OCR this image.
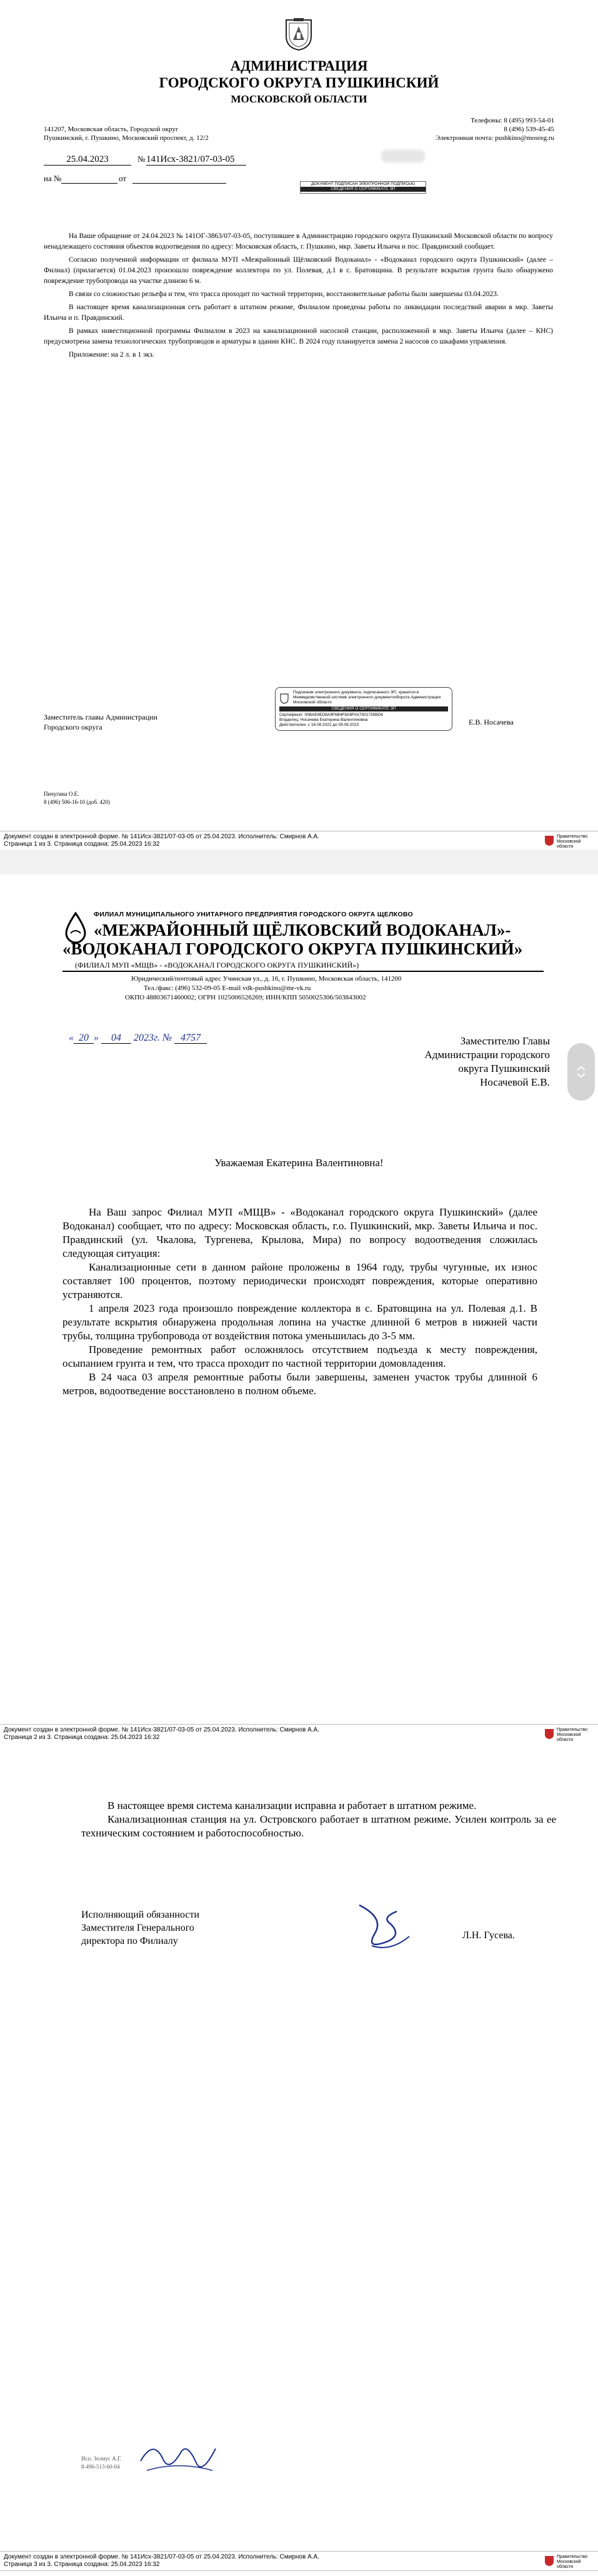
АДМИНИСТРАЦИЯ
ГОРОДСКОГО ОКРУГА ПУШКИНСКИЙ
МОСКОВСКОЙ ОБЛАСТИ
141207, Московская область, Городской округ
Пушкинский, г. Пушкино, Московский проспект, д. 12/2
Телефоны: 8 (495) 993-54-01
8 (496) 539-45-45
Электронная почта: pushkino@mosreg.ru
25.04.2023	№ 141Исх-3821/07-03-05
на №	от
ДОКУМЕНТ ПОДПИСАН ЭЛЕКТРОННОЙ ПОДПИСЬЮ
СВЕДЕНИЯ О СЕРТИФИКАТЕ ЭП

На Ваше обращение от 24.04.2023 № 141ОГ-3863/07-03-05, поступившее в Администрацию городского округа Пушкинский Московской области по вопросу ненадлежащего состояния объектов водоотведения по адресу: Московская область, г. Пушкино, мкр. Заветы Ильича и пос. Правдинский сообщает.

Согласно полученной информации от филиала МУП «Межрайонный Щёлковский Водоканал» - «Водоканал городского округа Пушкинский» (далее – Филиал) (прилагается) 01.04.2023 произошло повреждение коллектора по ул. Полевая, д.1 в с. Братовщина. В результате вскрытия грунта было обнаружено повреждение трубопровода на участке длиною 6 м.

В связи со сложностью рельефа и тем, что трасса проходит по частной территории, восстановительные работы были завершены 03.04.2023.

В настоящее время канализационная сеть работает в штатном режиме, Филиалом проведены работы по ликвидации последствий аварии в мкр. Заветы Ильича и п. Правдинский.

В рамках инвестиционной программы Филиалом в 2023 на канализационной насосной станции, расположенной в мкр. Заветы Ильича (далее – КНС) предусмотрена замена технологических трубопроводов и арматуры в здании КНС. В 2024 году планируется замена 2 насосов со шкафами управления.

Приложение: на 2 л. в 1 экз.

Заместитель главы Администрации
Городского округа
Е.В. Носачева
Подлинник электронного документа, подписанного ЭП, хранится в Межведомственной системе электронного документооборота Администрации Московской области
СВЕДЕНИЯ О СЕРТИФИКАТЕ ЭП
Сертификат: 00BAE9ED8A9F6B4F8A9F0A7501735BD6
Владелец: Носачева Екатерина Валентиновна
Действителен: с 16.08.2022 до 09.09.2023
Пичугина О.Е.
8 (496) 506-16-10 (доб. 420)
Документ создан в электронной форме. № 141Исх-3821/07-03-05 от 25.04.2023. Исполнитель: Смирнов А.А.
Страница 1 из 3. Страница создана: 25.04.2023 16:32
Правительство Московской области
ФИЛИАЛ МУНИЦИПАЛЬНОГО УНИТАРНОГО ПРЕДПРИЯТИЯ ГОРОДСКОГО ОКРУГА ЩЕЛКОВО
«МЕЖРАЙОННЫЙ ЩЁЛКОВСКИЙ ВОДОКАНАЛ»-
«ВОДОКАНАЛ ГОРОДСКОГО ОКРУГА ПУШКИНСКИЙ»
(ФИЛИАЛ МУП «МЩВ» - «ВОДОКАНАЛ ГОРОДСКОГО ОКРУГА ПУШКИНСКИЙ»)
Юридический/почтовый адрес Учинская ул., д. 16, г. Пушкино, Московская область, 141200
Тел./факс: (496) 532-09-05 E-mail vdk-pushkino@mr-vk.ru
ОКПО 48803671460002; ОГРН 1025006526269; ИНН/КПП 5050025306/503843002
« 20 » 04 2023г. № 4757	Заместителю Главы
Администрации городского
округа Пушкинский
Носачевой Е.В.
Уважаемая Екатерина Валентиновна!

На Ваш запрос Филиал МУП «МЩВ» - «Водоканал городского округа Пушкинский» (далее Водоканал) сообщает, что по адресу: Московская область, г.о. Пушкинский, мкр. Заветы Ильича и пос. Правдинский (ул. Чкалова, Тургенева, Крылова, Мира) по вопросу водоотведения сложилась следующая ситуация:

Канализационные сети в данном районе проложены в 1964 году, трубы чугунные, их износ составляет 100 процентов, поэтому периодически происходят повреждения, которые оперативно устраняются.

1 апреля 2023 года произошло повреждение коллектора в с. Братовщина на ул. Полевая д.1. В результате вскрытия обнаружена продольная лопина на участке длинной 6 метров в нижней части трубы, толщина трубопровода от воздействия потока уменьшилась до 3-5 мм.

Проведение ремонтных работ осложнялось отсутствием подъезда к месту повреждения, осыпанием грунта и тем, что трасса проходит по частной территории домовладения.

В 24 часа 03 апреля ремонтные работы были завершены, заменен участок трубы длинной 6 метров, водоотведение восстановлено в полном объеме.

Документ создан в электронной форме. № 141Исх-3821/07-03-05 от 25.04.2023. Исполнитель: Смирнов А.А.
Страница 2 из 3. Страница создана: 25.04.2023 16:32
Правительство Московской области

В настоящее время система канализации исправна и работает в штатном режиме.

Канализационная станция на ул. Островского работает в штатном режиме. Усилен контроль за ее техническим состоянием и работоспособностью.

Исполняющий обязанности
Заместителя Генерального
директора по Филиалу
Л.Н. Гусева.
Исп. Зелмус А.Г.
8-496-513-60-04
Документ создан в электронной форме. № 141Исх-3821/07-03-05 от 25.04.2023. Исполнитель: Смирнов А.А.
Страница 3 из 3. Страница создана: 25.04.2023 16:32
Правительство Московской области
